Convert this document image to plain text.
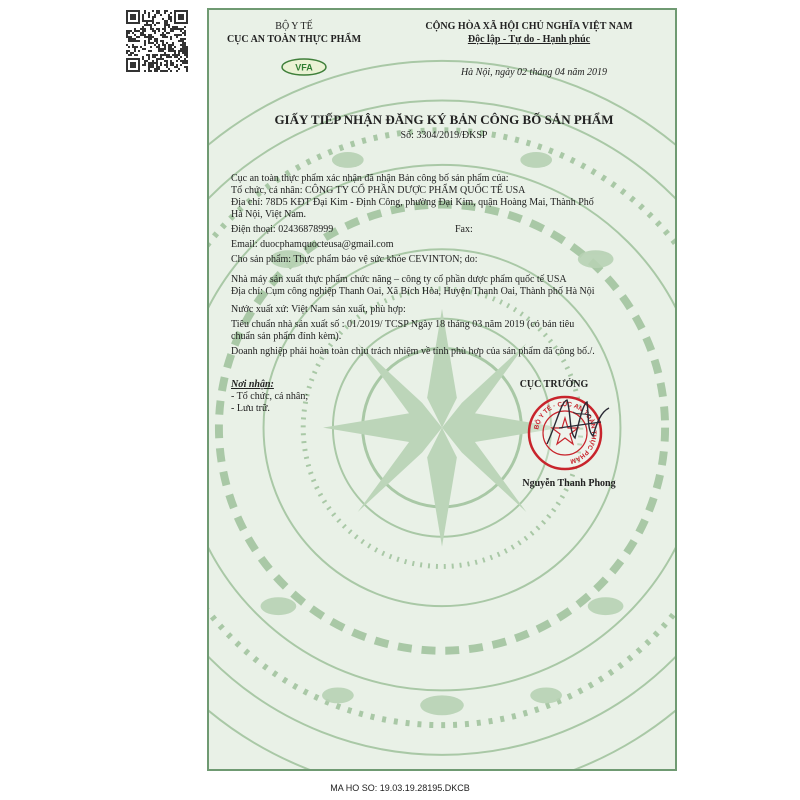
VFA
BỘ Y TẾ
CỤC AN TOÀN THỰC PHẨM
CỘNG HÒA XÃ HỘI CHỦ NGHĨA VIỆT NAM
Độc lập - Tự do - Hạnh phúc
Hà Nội, ngày 02 tháng 04 năm 2019
GIẤY TIẾP NHẬN ĐĂNG KÝ BẢN CÔNG BỐ SẢN PHẨM
Số: 3304/2019/ĐKSP
Cục an toàn thực phẩm xác nhận đã nhận Bản công bố sản phẩm của:
Tổ chức, cá nhân: CÔNG TY CỔ PHẦN DƯỢC PHẨM QUỐC TẾ USA
Địa chỉ: 78D5 KĐT Đại Kim - Định Công, phường Đại Kim, quận Hoàng Mai, Thành Phố
Hà Nội, Việt Nam.
Điện thoại: 02436878999	Fax:
Email: duocphamquocteusa@gmail.com
Cho sản phẩm: Thực phẩm bảo vệ sức khỏe CEVINTON; do:
Nhà máy sản xuất thực phẩm chức năng – công ty cổ phần dược phẩm quốc tế USA
Địa chỉ: Cụm công nghiệp Thanh Oai, Xã Bích Hòa, Huyện Thanh Oai, Thành phố Hà Nội
Nước xuất xứ: Việt Nam sản xuất, phù hợp:
Tiêu chuẩn nhà sản xuất số : 01/2019/ TCSP Ngày 18 tháng 03 năm 2019 (có bản tiêu
chuẩn sản phẩm đính kèm).
Doanh nghiệp phải hoàn toàn chịu trách nhiệm về tính phù hợp của sản phẩm đã công bố./.
Nơi nhận:
- Tổ chức, cá nhân;
- Lưu trữ.
CỤC TRƯỞNG
BỘ Y TẾ · CỤC AN TOÀN THỰC PHẨM
Nguyễn Thanh Phong
MA HO SO: 19.03.19.28195.DKCB
